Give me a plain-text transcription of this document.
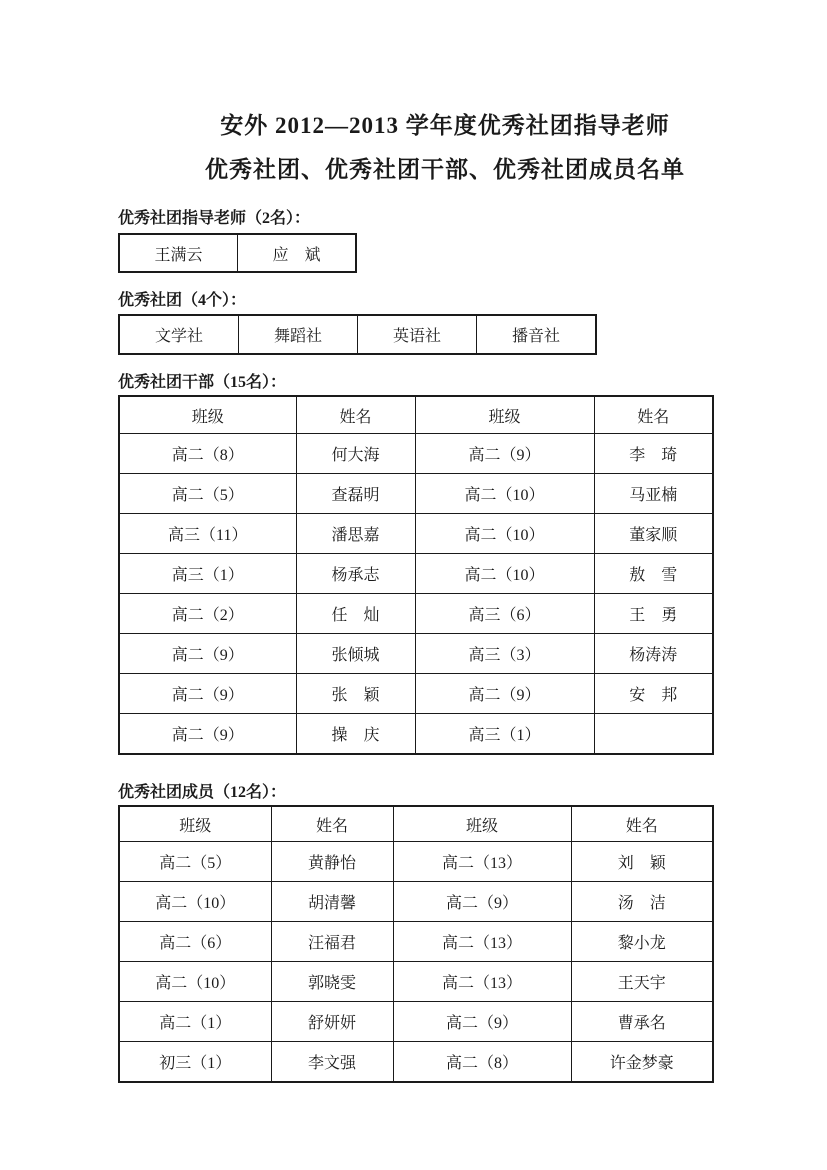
安外 2012—2013 学年度优秀社团指导老师
优秀社团、优秀社团干部、优秀社团成员名单
优秀社团指导老师（2名）：
王满云	应　斌
优秀社团（4个）：
文学社	舞蹈社	英语社	播音社
优秀社团干部（15名）：
班级	姓名	班级	姓名
高二（8）	何大海	高二（9）	李　琦
高二（5）	查磊明	高二（10）	马亚楠
高三（11）	潘思嘉	高二（10）	董家顺
高三（1）	杨承志	高二（10）	敖　雪
高二（2）	任　灿	高三（6）	王　勇
高二（9）	张倾城	高三（3）	杨涛涛
高二（9）	张　颖	高二（9）	安　邦
高二（9）	操　庆	高三（1）	
优秀社团成员（12名）：
班级	姓名	班级	姓名
高二（5）	黄静怡	高二（13）	刘　颖
高二（10）	胡清馨	高二（9）	汤　洁
高二（6）	汪福君	高二（13）	黎小龙
高二（10）	郭晓雯	高二（13）	王天宇
高二（1）	舒妍妍	高二（9）	曹承名
初三（1）	李文强	高二（8）	许金梦豪
